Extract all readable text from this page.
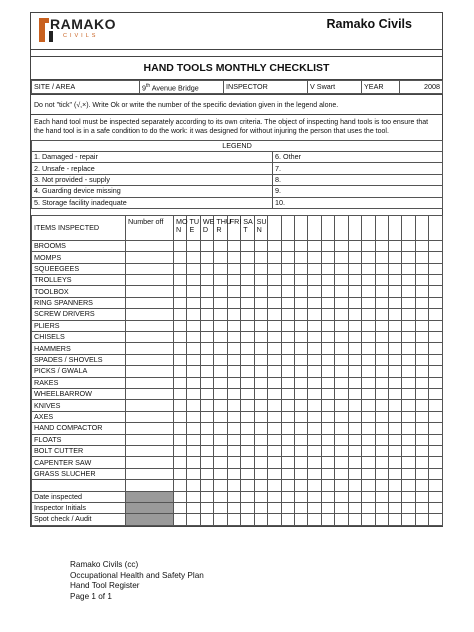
RAMAKO
CIVILS
Ramako Civils
HAND TOOLS MONTHLY CHECKLIST
SITE / AREA	9th Avenue Bridge	INSPECTOR	V Swart	YEAR	2008
Do not "tick" (√,×). Write Ok or write the number of the specific deviation given in the legend alone.
Each hand tool must be inspected separately according to its own criteria. The object of inspecting hand tools is too ensure that the hand tool is in a safe condition to do the work: it was designed for without injuring the person that uses the tool.
LEGEND	
1. Damaged - repair	6. Other
2. Unsafe - replace	7.
3. Not provided - supply	8.
4. Guarding device missing	9.
5. Storage facility inadequate	10.
ITEMS INSPECTED	Number off	MO N	TU E	WE D	THU R	FRI	SA T	SU N													
BROOMS																					
MOMPS																					
SQUEEGEES																					
TROLLEYS																					
TOOLBOX																					
RING SPANNERS																					
SCREW DRIVERS																					
PLIERS																					
CHISELS																					
HAMMERS																					
SPADES / SHOVELS																					
PICKS / GWALA																					
RAKES																					
WHEELBARROW																					
KNIVES																					
AXES																					
HAND COMPACTOR																					
FLOATS																					
BOLT CUTTER																					
CAPENTER SAW																					
GRASS SLUCHER																					

Date inspected																					
Inspector Initials																					
Spot check / Audit																					
Ramako Civils (cc)
Occupational Health and Safety Plan
Hand Tool Register
Page 1 of 1
